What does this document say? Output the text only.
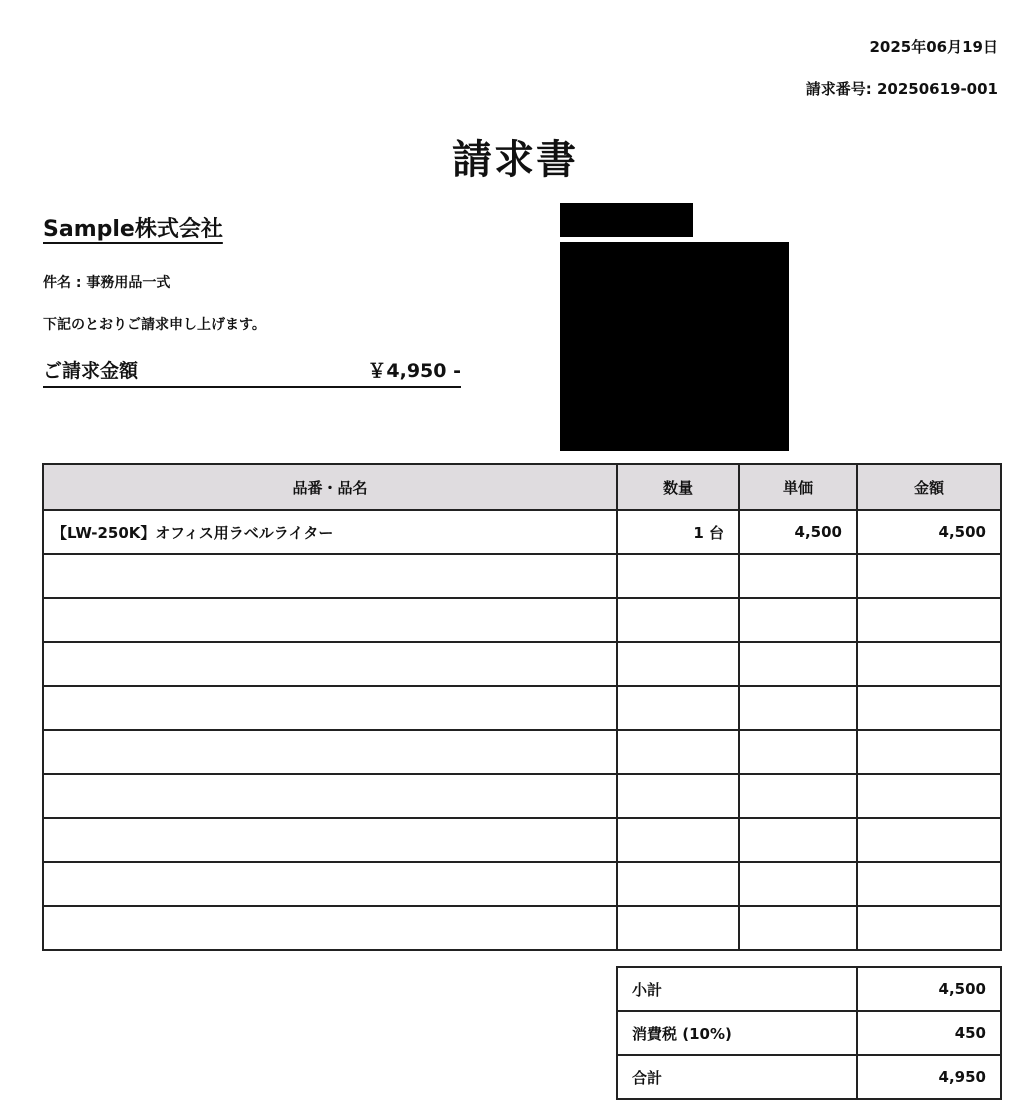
2025年06月19日
請求番号: 20250619-001
請求書
Sample株式会社
件名 : 事務用品一式
下記のとおりご請求申し上げます。
ご請求金額	￥4,950 -
品番・品名	数量	単価	金額
【LW-250K】オフィス用ラベルライター	1 台	4,500	4,500

小計	4,500
消費税 (10%)	450
合計	4,950
